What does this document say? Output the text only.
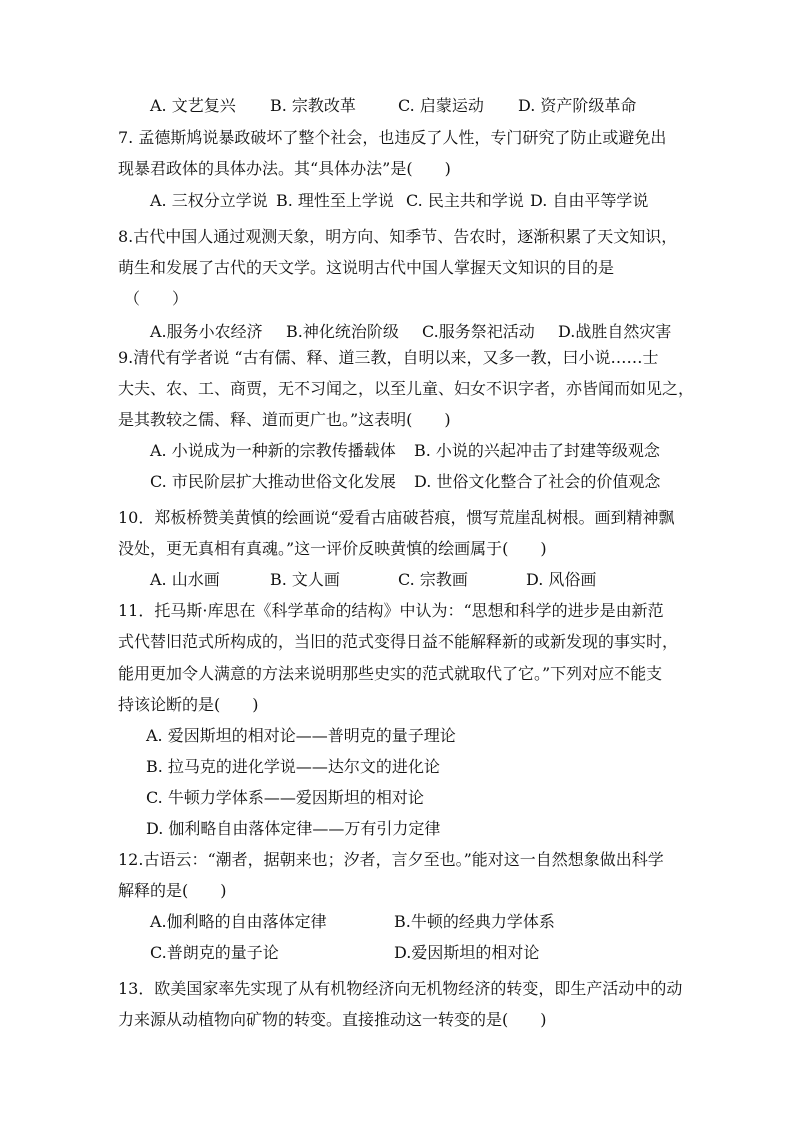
A. 文艺复兴 B. 宗教改革	C. 启蒙运动 D. 资产阶级革命
7. 孟德斯鸠说暴政破坏了整个社会，也违反了人性，专门研究了防止或避免出
现暴君政体的具体办法。其“具体办法”是(　　)
A. 三权分立学说 B. 理性至上学说 C. 民主共和学说 D. 自由平等学说
8.古代中国人通过观测天象，明方向、知季节、告农时，逐渐积累了天文知识，
萌生和发展了古代的天文学。这说明古代中国人掌握天文知识的目的是
（　　）
A.服务小农经济 B.神化统治阶级 C.服务祭祀活动 D.战胜自然灾害
9.清代有学者说 “古有儒、释、道三教，自明以来，又多一教，曰小说……士
大夫、农、工、商贾，无不习闻之，以至儿童、妇女不识字者，亦皆闻而如见之，
是其教较之儒、释、道而更广也。”这表明(　　)
A. 小说成为一种新的宗教传播载体 B. 小说的兴起冲击了封建等级观念
C. 市民阶层扩大推动世俗文化发展 D. 世俗文化整合了社会的价值观念
10．郑板桥赞美黄慎的绘画说“爱看古庙破苔痕，惯写荒崖乱树根。画到精神飘
没处，更无真相有真魂。”这一评价反映黄慎的绘画属于(　　)
A. 山水画	B. 文人画	C. 宗教画	D. 风俗画
11．托马斯·库思在《科学革命的结构》中认为：“思想和科学的进步是由新范
式代替旧范式所构成的，当旧的范式变得日益不能解释新的或新发现的事实时，
能用更加令人满意的方法来说明那些史实的范式就取代了它。”下列对应不能支
持该论断的是(　　)
A. 爱因斯坦的相对论——普明克的量子理论
B. 拉马克的进化学说——达尔文的进化论
C. 牛顿力学体系——爱因斯坦的相对论
D. 伽利略自由落体定律——万有引力定律
12.古语云：“潮者，据朝来也；汐者，言夕至也。”能对这一自然想象做出科学
解释的是(　　)
A.伽利略的自由落体定律	B.牛顿的经典力学体系
C.普朗克的量子论	D.爱因斯坦的相对论
13．欧美国家率先实现了从有机物经济向无机物经济的转变，即生产活动中的动
力来源从动植物向矿物的转变。直接推动这一转变的是(　　)
